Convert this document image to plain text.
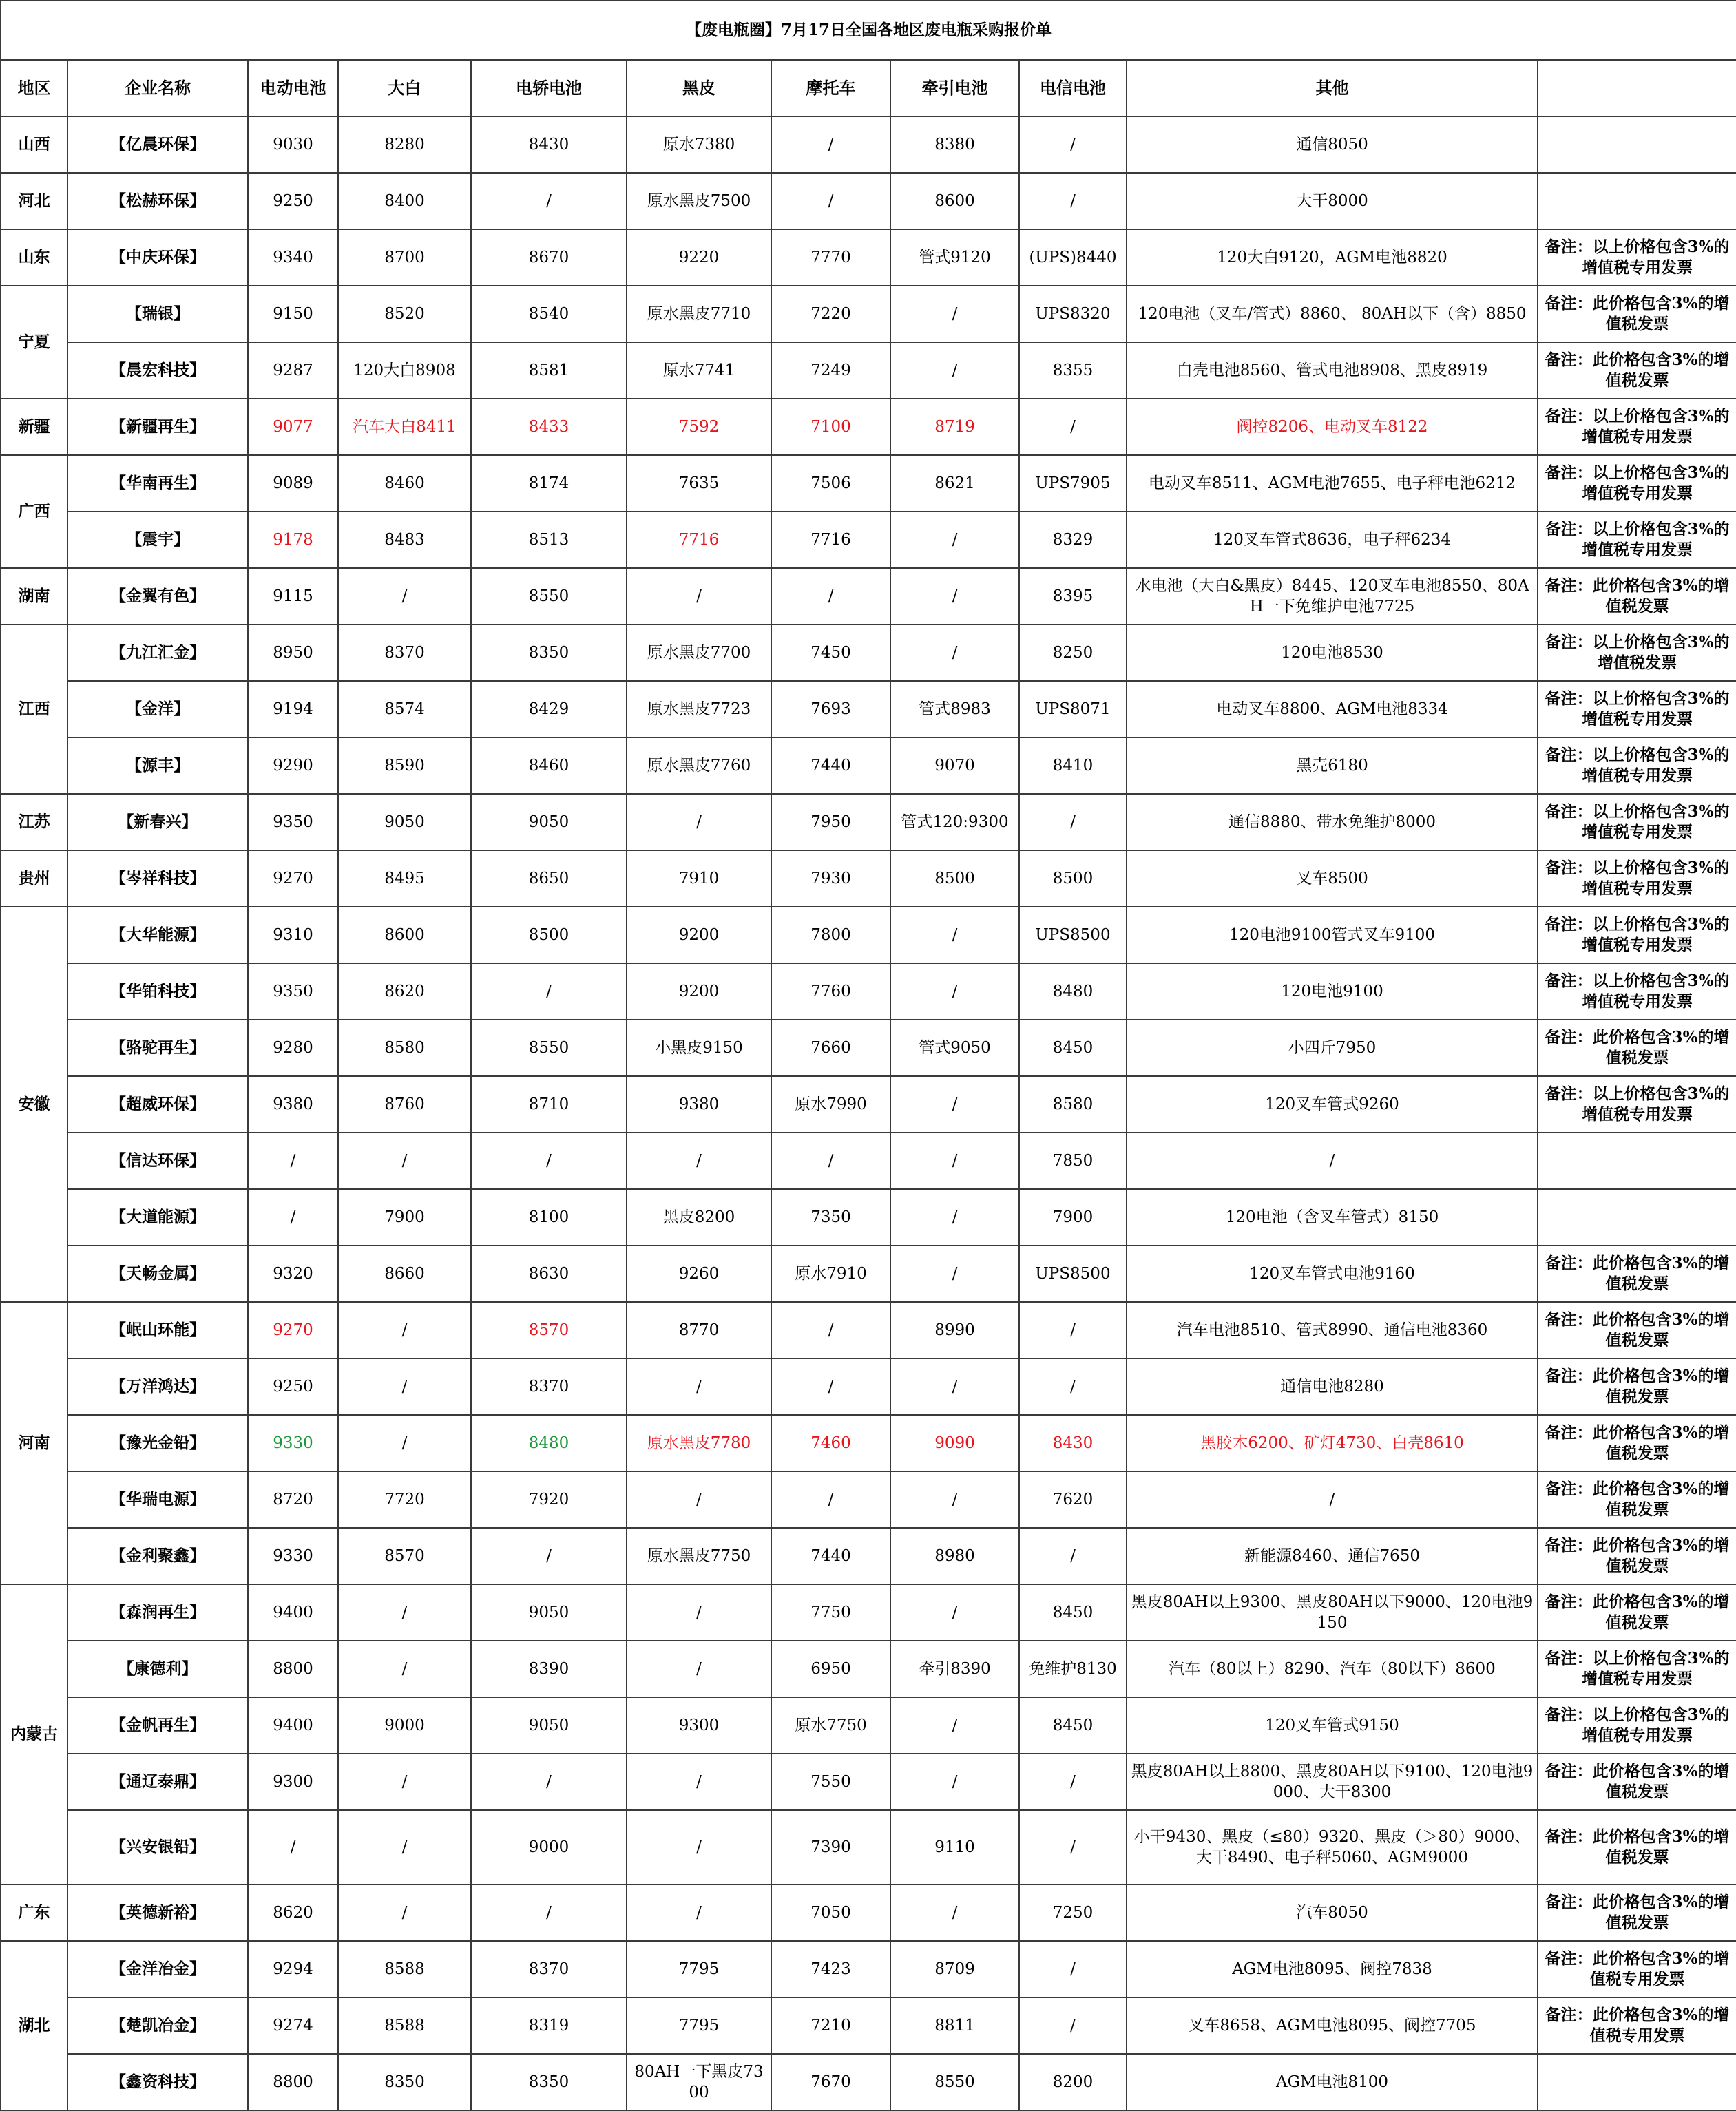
【废电瓶圈】7月17日全国各地区废电瓶采购报价单										
地区	企业名称	电动电池	大白	电轿电池	黑皮	摩托车	牵引电池	电信电池	其他	
山西	【亿晨环保】	9030	8280	8430	原水7380	/	8380	/	通信8050	
河北	【松赫环保】	9250	8400	/	原水黑皮7500	/	8600	/	大干8000	
山东	【中庆环保】	9340	8700	8670	9220	7770	管式9120	(UPS)8440	120大白9120，AGM电池8820	备注：以上价格包含3%的增值税专用发票
宁夏	【瑞银】	9150	8520	8540	原水黑皮7710	7220	/	UPS8320	120电池（叉车/管式）8860、 80AH以下（含）8850	备注：此价格包含3%的增值税发票
	【晨宏科技】	9287	120大白8908	8581	原水7741	7249	/	8355	白壳电池8560、管式电池8908、黑皮8919	备注：此价格包含3%的增值税发票
新疆	【新疆再生】	9077	汽车大白8411	8433	7592	7100	8719	/	阀控8206、电动叉车8122	备注：以上价格包含3%的增值税专用发票
广西	【华南再生】	9089	8460	8174	7635	7506	8621	UPS7905	电动叉车8511、AGM电池7655、电子秤电池6212	备注：以上价格包含3%的增值税专用发票
	【震宇】	9178	8483	8513	7716	7716	/	8329	120叉车管式8636，电子秤6234	备注：以上价格包含3%的增值税专用发票
湖南	【金翼有色】	9115	/	8550	/	/	/	8395	水电池（大白&黑皮）8445、120叉车电池8550、80AH一下免维护电池7725	备注：此价格包含3%的增值税发票
江西	【九江汇金】	8950	8370	8350	原水黑皮7700	7450	/	8250	120电池8530	备注：以上价格包含3%的增值税发票
	【金洋】	9194	8574	8429	原水黑皮7723	7693	管式8983	UPS8071	电动叉车8800、AGM电池8334	备注：以上价格包含3%的增值税专用发票
	【源丰】	9290	8590	8460	原水黑皮7760	7440	9070	8410	黑壳6180	备注：以上价格包含3%的增值税专用发票
江苏	【新春兴】	9350	9050	9050	/	7950	管式120:9300	/	通信8880、带水免维护8000	备注：以上价格包含3%的增值税专用发票
贵州	【岑祥科技】	9270	8495	8650	7910	7930	8500	8500	叉车8500	备注：以上价格包含3%的增值税专用发票
安徽	【大华能源】	9310	8600	8500	9200	7800	/	UPS8500	120电池9100管式叉车9100	备注：以上价格包含3%的增值税专用发票
	【华铂科技】	9350	8620	/	9200	7760	/	8480	120电池9100	备注：以上价格包含3%的增值税专用发票
	【骆驼再生】	9280	8580	8550	小黑皮9150	7660	管式9050	8450	小四斤7950	备注：此价格包含3%的增值税发票
	【超威环保】	9380	8760	8710	9380	原水7990	/	8580	120叉车管式9260	备注：以上价格包含3%的增值税专用发票
	【信达环保】	/	/	/	/	/	/	7850	/	
	【大道能源】	/	7900	8100	黑皮8200	7350	/	7900	120电池（含叉车管式）8150	
	【天畅金属】	9320	8660	8630	9260	原水7910	/	UPS8500	120叉车管式电池9160	备注：此价格包含3%的增值税发票
河南	【岷山环能】	9270	/	8570	8770	/	8990	/	汽车电池8510、管式8990、通信电池8360	备注：此价格包含3%的增值税发票
	【万洋鸿达】	9250	/	8370	/	/	/	/	通信电池8280	备注：此价格包含3%的增值税发票
	【豫光金铅】	9330	/	8480	原水黑皮7780	7460	9090	8430	黑胶木6200、矿灯4730、白壳8610	备注：此价格包含3%的增值税发票
	【华瑞电源】	8720	7720	7920	/	/	/	7620	/	备注：此价格包含3%的增值税发票
	【金利聚鑫】	9330	8570	/	原水黑皮7750	7440	8980	/	新能源8460、通信7650	备注：此价格包含3%的增值税发票
内蒙古	【森润再生】	9400	/	9050	/	7750	/	8450	黑皮80AH以上9300、黑皮80AH以下9000、120电池9150	备注：此价格包含3%的增值税发票
	【康德利】	8800	/	8390	/	6950	牵引8390	免维护8130	汽车（80以上）8290、汽车（80以下）8600	备注：以上价格包含3%的增值税专用发票
	【金帆再生】	9400	9000	9050	9300	原水7750	/	8450	120叉车管式9150	备注：以上价格包含3%的增值税专用发票
	【通辽泰鼎】	9300	/	/	/	7550	/	/	黑皮80AH以上8800、黑皮80AH以下9100、120电池9000、大干8300	备注：此价格包含3%的增值税发票
	【兴安银铅】	/	/	9000	/	7390	9110	/	小干9430、黑皮（≤80）9320、黑皮（＞80）9000、大干8490、电子秤5060、AGM9000	备注：此价格包含3%的增值税发票
广东	【英德新裕】	8620	/	/	/	7050	/	7250	汽车8050	备注：此价格包含3%的增值税发票
湖北	【金洋冶金】	9294	8588	8370	7795	7423	8709	/	AGM电池8095、阀控7838	备注：此价格包含3%的增值税专用发票
	【楚凯冶金】	9274	8588	8319	7795	7210	8811	/	叉车8658、AGM电池8095、阀控7705	备注：此价格包含3%的增值税专用发票
	【鑫资科技】	8800	8350	8350	80AH一下黑皮7300	7670	8550	8200	AGM电池8100	
